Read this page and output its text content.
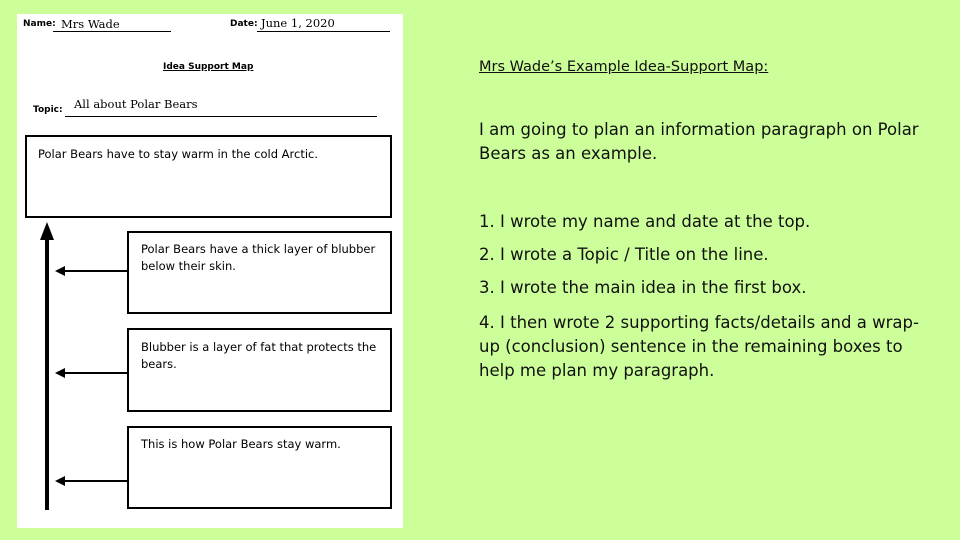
Name: Mrs Wade	Date: June 1, 2020
Idea Support Map
Topic: All about Polar Bears
Polar Bears have to stay warm in the cold Arctic.
Polar Bears have a thick layer of blubber below their skin.
Blubber is a layer of fat that protects the bears.
This is how Polar Bears stay warm.
Mrs Wade’s Example Idea-Support Map:
I am going to plan an information paragraph on Polar Bears as an example.
1. I wrote my name and date at the top.
2. I wrote a Topic / Title on the line.
3. I wrote the main idea in the first box.
4. I then wrote 2 supporting facts/details and a wrap-up (conclusion) sentence in the remaining boxes to help me plan my paragraph.
